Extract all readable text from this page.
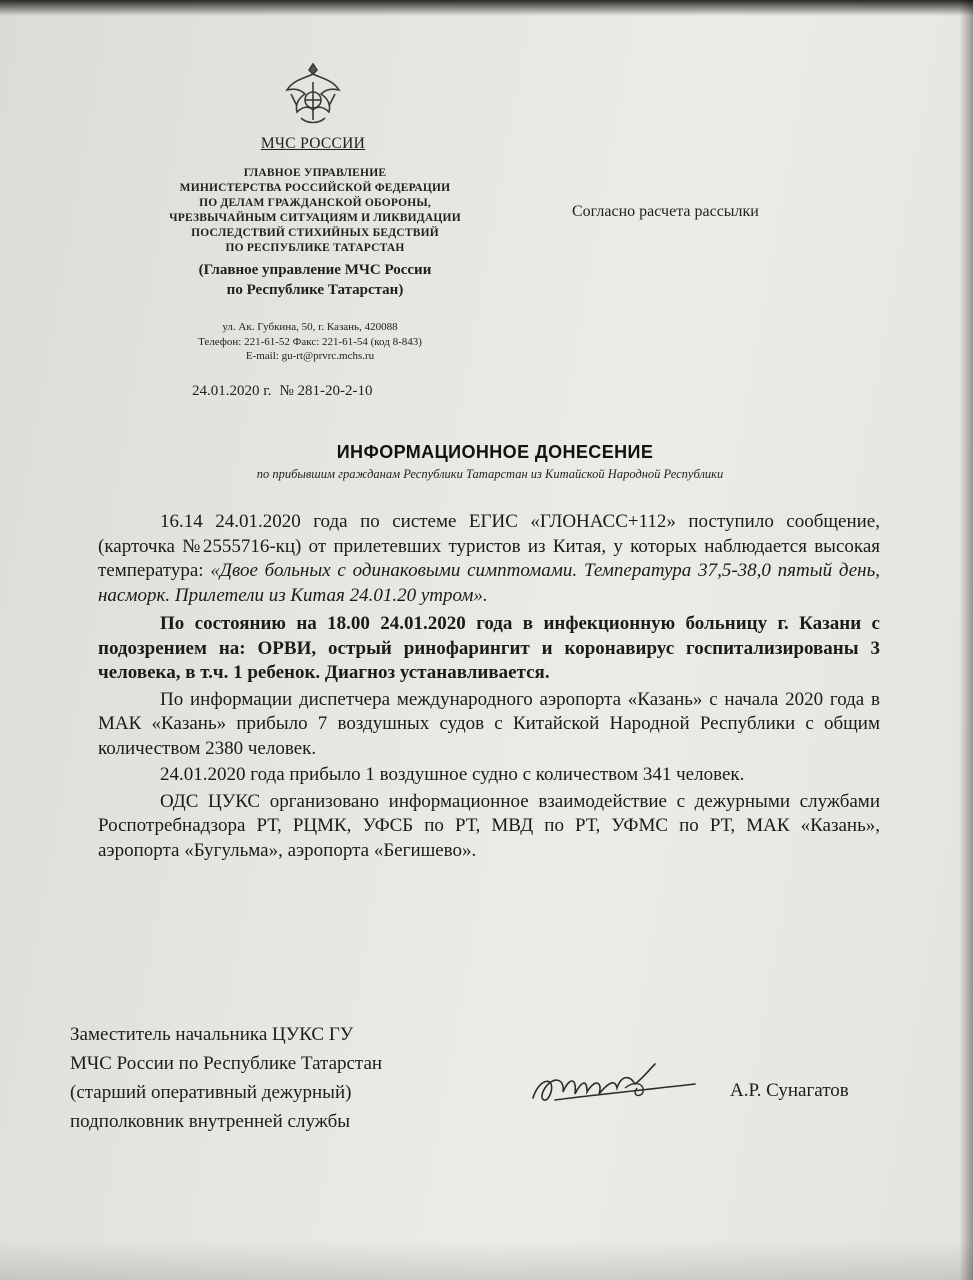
МЧС РОССИИ
ГЛАВНОЕ УПРАВЛЕНИЕ
МИНИСТЕРСТВА РОССИЙСКОЙ ФЕДЕРАЦИИ
ПО ДЕЛАМ ГРАЖДАНСКОЙ ОБОРОНЫ,
ЧРЕЗВЫЧАЙНЫМ СИТУАЦИЯМ И ЛИКВИДАЦИИ
ПОСЛЕДСТВИЙ СТИХИЙНЫХ БЕДСТВИЙ
ПО РЕСПУБЛИКЕ ТАТАРСТАН
(Главное управление МЧС России
по Республике Татарстан)
ул. Ак. Губкина, 50, г. Казань, 420088
Телефон: 221-61-52 Факс: 221-61-54 (код 8-843)
E-mail: gu-rt@prvrc.mchs.ru
24.01.2020 г. № 281-20-2-10
Согласно расчета рассылки
ИНФОРМАЦИОННОЕ ДОНЕСЕНИЕ
по прибывшим гражданам Республики Татарстан из Китайской Народной Республики

16.14 24.01.2020 года по системе ЕГИС «ГЛОНАСС+112» поступило сообщение, (карточка №2555716-кц) от прилетевших туристов из Китая, у которых наблюдается высокая температура: «Двое больных с одинаковыми симптомами. Температура 37,5-38,0 пятый день, насморк. Прилетели из Китая 24.01.20 утром».

По состоянию на 18.00 24.01.2020 года в инфекционную больницу г. Казани с подозрением на: ОРВИ, острый ринофарингит и коронавирус госпитализированы 3 человека, в т.ч. 1 ребенок. Диагноз устанавливается.

По информации диспетчера международного аэропорта «Казань» с начала 2020 года в МАК «Казань» прибыло 7 воздушных судов с Китайской Народной Республики с общим количеством 2380 человек.

24.01.2020 года прибыло 1 воздушное судно с количеством 341 человек.

ОДС ЦУКС организовано информационное взаимодействие с дежурными службами Роспотребнадзора РТ, РЦМК, УФСБ по РТ, МВД по РТ, УФМС по РТ, МАК «Казань», аэропорта «Бугульма», аэропорта «Бегишево».

Заместитель начальника ЦУКС ГУ
МЧС России по Республике Татарстан
(старший оперативный дежурный)
подполковник внутренней службы
А.Р. Сунагатов
